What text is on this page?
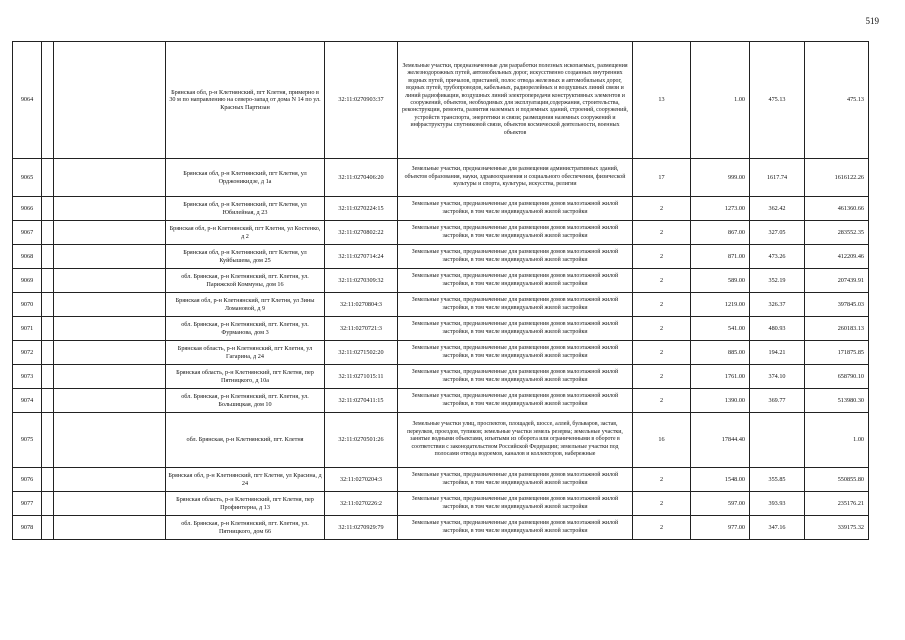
519
9064			Брянская обл, р-н Клетнянский, пгт Клетня, примерно в 30 м по направлению на северо-запад от дома N 14 по ул. Красных Партизан	32:11:0270903:37	Земельные участки, предназначенные для разработки полезных ископаемых, размещения железнодорожных путей, автомобильных дорог, искусственно созданных внутренних водных путей, причалов, пристаней, полос отвода железных и автомобильных дорог, водных путей, трубопроводов, кабельных, радиорелейных и воздушных линий связи и линий радиофикации, воздушных линий электропередачи конструктивных элементов и сооружений, объектов, необходимых для эксплуатации,содержания, строительства, реконструкции, ремонта, развития наземных и подземных зданий, строений, сооружений, устройств транспорта, энергетики и связи; размещения наземных сооружений и инфраструктуры спутниковой связи, объектов космической деятельности, военных объектов	13	1.00	475.13	475.13
9065			Брянская обл, р-н Клетнянский, пгт Клетня, ул Орджоникидзе, д 1а	32:11:0270406:20	Земельные участки, предназначенные для размещения административных зданий, объектов образования, науки, здравоохранения и социального обеспечения, физической культуры и спорта, культуры, искусства, религии	17	999.00	1617.74	1616122.26
9066			Брянская обл, р-н Клетнянский, пгт Клетня, ул Юбилейная, д 23	32:11:0270224:15	Земельные участки, предназначенные для размещения домов малоэтажной жилой застройки, в том числе индивидуальной жилой застройки	2	1273.00	362.42	461360.66
9067			Брянская обл, р-н Клетнянский, пгт Клетня, ул Костенко, д 2	32:11:0270802:22	Земельные участки, предназначенные для размещения домов малоэтажной жилой застройки, в том числе индивидуальной жилой застройки	2	867.00	327.05	283552.35
9068			Брянская обл, р-н Клетнянский, пгт Клетня, ул Куйбышева, дом 25	32:11:0270714:24	Земельные участки, предназначенные для размещения домов малоэтажной жилой застройки, в том числе индивидуальной жилой застройки	2	871.00	473.26	412209.46
9069			обл. Брянская, р-н Клетнянский, пгт. Клетня, ул. Парижской Коммуны, дом 16	32:11:0270309:32	Земельные участки, предназначенные для размещения домов малоэтажной жилой застройки, в том числе индивидуальной жилой застройки	2	589.00	352.19	207439.91
9070			Брянская обл, р-н Клетнянский, пгт Клетня, ул Зины Ломановой, д 9	32:11:0270804:3	Земельные участки, предназначенные для размещения домов малоэтажной жилой застройки, в том числе индивидуальной жилой застройки	2	1219.00	326.37	397845.03
9071			обл. Брянская, р-н Клетнянский, пгт. Клетня, ул. Фурманова, дом 3	32:11:0270721:3	Земельные участки, предназначенные для размещения домов малоэтажной жилой застройки, в том числе индивидуальной жилой застройки	2	541.00	480.93	260183.13
9072			Брянская область, р-н Клетнянский, пгт Клетня, ул Гагарина, д 24	32:11:0271502:20	Земельные участки, предназначенные для размещения домов малоэтажной жилой застройки, в том числе индивидуальной жилой застройки	2	885.00	194.21	171875.85
9073			Брянская область, р-н Клетнянский, пгт Клетня, пер Пятницкого, д 10а	32:11:0271015:11	Земельные участки, предназначенные для размещения домов малоэтажной жилой застройки, в том числе индивидуальной жилой застройки	2	1761.00	374.10	658790.10
9074			обл. Брянская, р-н Клетнянский, пгт. Клетня, ул. Большицкая, дом 10	32:11:0270411:15	Земельные участки, предназначенные для размещения домов малоэтажной жилой застройки, в том числе индивидуальной жилой застройки	2	1390.00	369.77	513980.30
9075			обл. Брянская, р-н Клетнянский, пгт. Клетня	32:11:0270501:26	Земельные участки улиц, проспектов, площадей, шоссе, аллей, бульваров, застав, переулков, проездов, тупиков; земельные участки земель резерва; земельные участки, занятые водными объектами, изъятыми из оборота или ограниченными в обороте в соответствии с законодательством Российской Федерации; земельные участки под полосами отвода водоемов, каналов и коллекторов, набережные	16	17844.40		1.00
9076			Брянская обл, р-н Клетнянский, пгт Клетня, ул Красина, д 24	32:11:0270204:3	Земельные участки, предназначенные для размещения домов малоэтажной жилой застройки, в том числе индивидуальной жилой застройки	2	1548.00	355.85	550855.80
9077			Брянская область, р-н Клетнянский, пгт Клетня, пер Профинтерна, д 13	32:11:0270226:2	Земельные участки, предназначенные для размещения домов малоэтажной жилой застройки, в том числе индивидуальной жилой застройки	2	597.00	393.93	235176.21
9078			обл. Брянская, р-н Клетнянский, пгт. Клетня, ул. Пятницкого, дом 66	32:11:0270929:79	Земельные участки, предназначенные для размещения домов малоэтажной жилой застройки, в том числе индивидуальной жилой застройки	2	977.00	347.16	339175.32
